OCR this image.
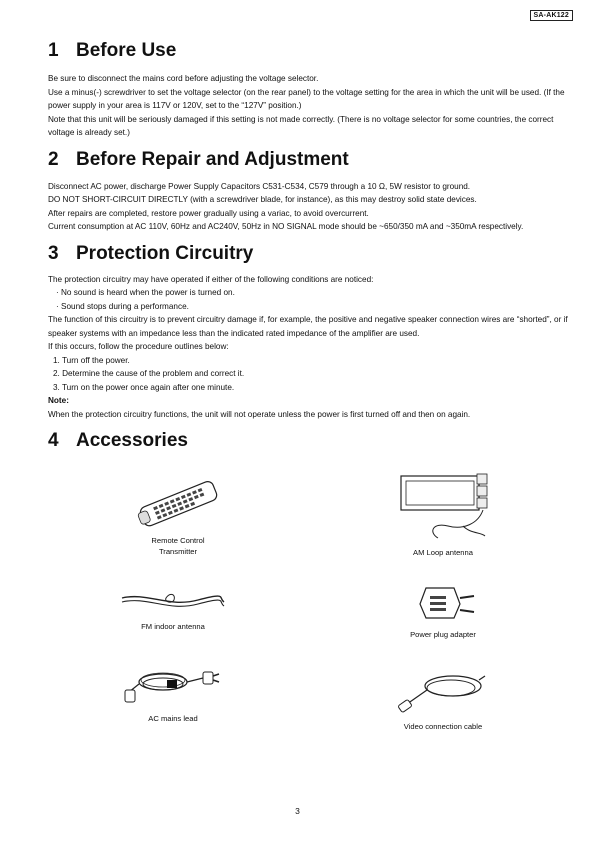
SA-AK122
1 Before Use

Be sure to disconnect the mains cord before adjusting the voltage selector.

Use a minus(-) screwdriver to set the voltage selector (on the rear panel) to the voltage setting for the area in which the unit will be used. (If the power supply in your area is 117V or 120V, set to the “127V” position.)

Note that this unit will be seriously damaged if this setting is not made correctly. (There is no voltage selector for some countries, the correct voltage is already set.)

2 Before Repair and Adjustment

Disconnect AC power, discharge Power Supply Capacitors C531-C534, C579 through a 10 Ω, 5W resistor to ground.

DO NOT SHORT-CIRCUIT DIRECTLY (with a screwdriver blade, for instance), as this may destroy solid state devices.

After repairs are completed, restore power gradually using a variac, to avoid overcurrent.

Current consumption at AC 110V, 60Hz and AC240V, 50Hz in NO SIGNAL mode should be ~650/350 mA and ~350mA respectively.

3 Protection Circuitry

The protection circuitry may have operated if either of the following conditions are noticed:

· No sound is heard when the power is turned on.

· Sound stops during a performance.

The function of this circuitry is to prevent circuitry damage if, for example, the positive and negative speaker connection wires are “shorted”, or if speaker systems with an impedance less than the indicated rated impedance of the amplifier are used.

If this occurs, follow the procedure outlines below:

1. Turn off the power.

2. Determine the cause of the problem and correct it.

3. Turn on the power once again after one minute.

Note:

When the protection circuitry functions, the unit will not operate unless the power is first turned off and then on again.

4 Accessories
Remote Control
Transmitter	AM Loop antenna
FM indoor antenna
Power plug adapter
AC mains lead
Video connection cable
3
